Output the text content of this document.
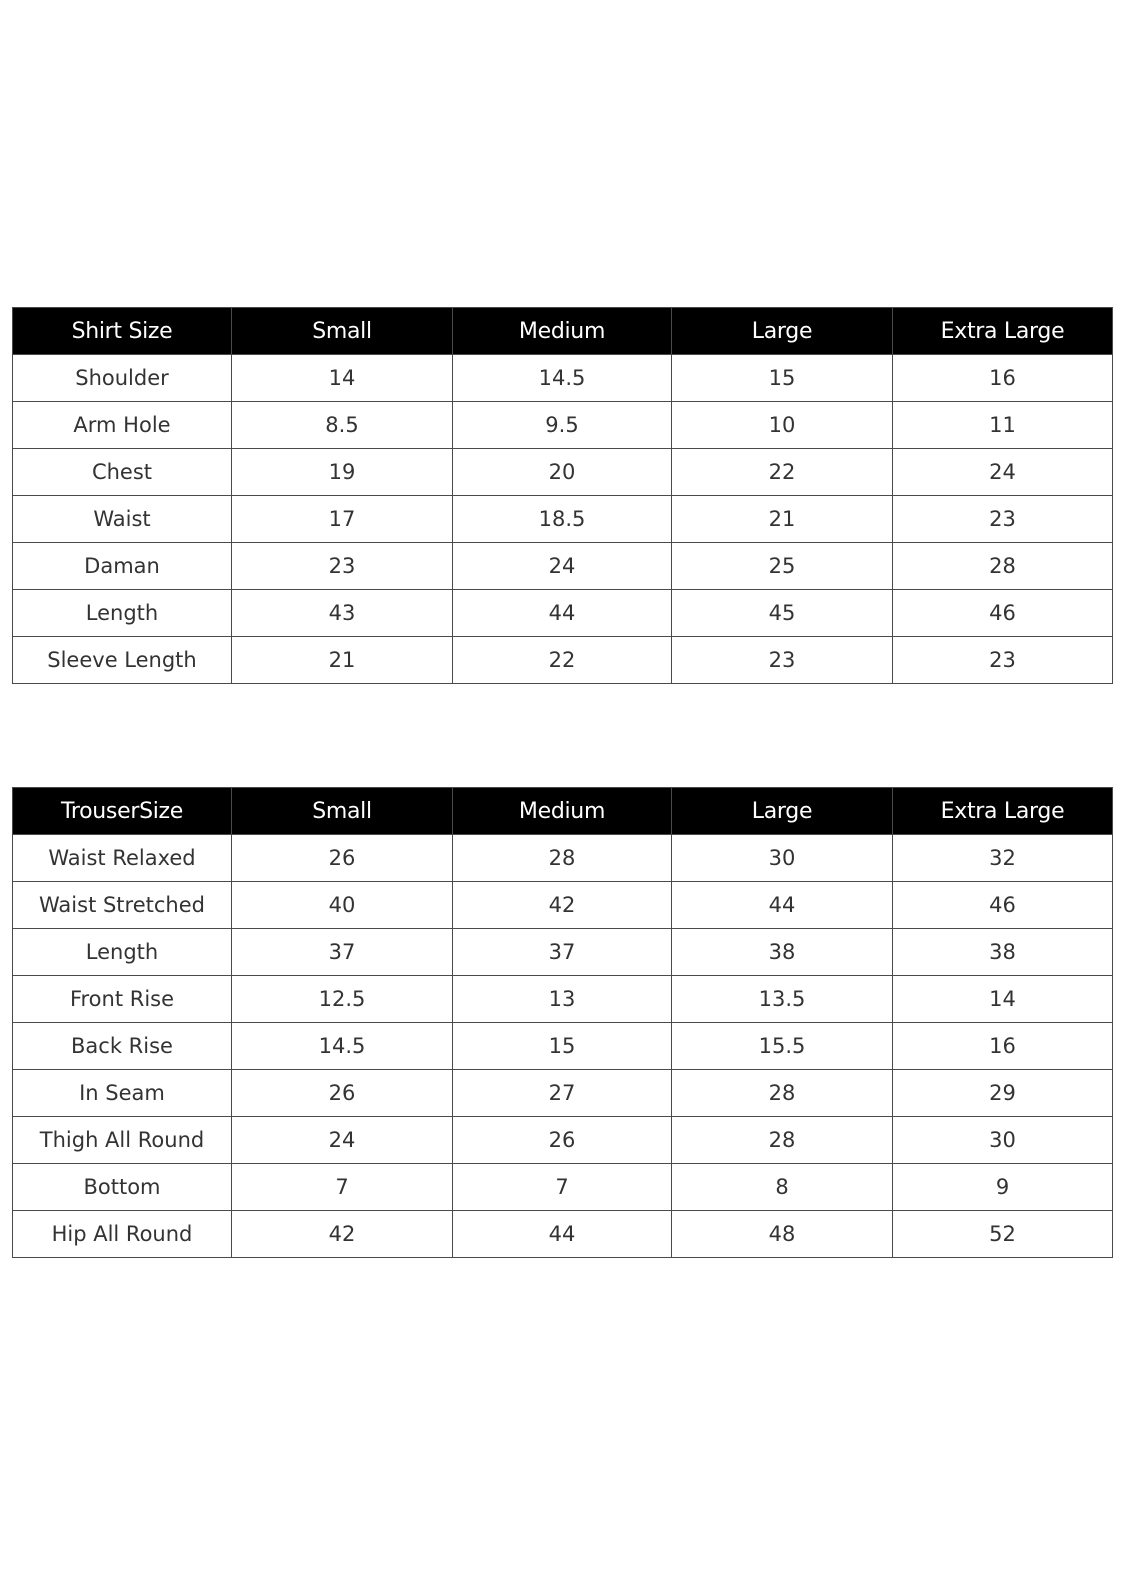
Shirt Size	Small	Medium	Large	Extra Large
Shoulder	14	14.5	15	16
Arm Hole	8.5	9.5	10	11
Chest	19	20	22	24
Waist	17	18.5	21	23
Daman	23	24	25	28
Length	43	44	45	46
Sleeve Length	21	22	23	23
TrouserSize	Small	Medium	Large	Extra Large
Waist Relaxed	26	28	30	32
Waist Stretched	40	42	44	46
Length	37	37	38	38
Front Rise	12.5	13	13.5	14
Back Rise	14.5	15	15.5	16
In Seam	26	27	28	29
Thigh All Round	24	26	28	30
Bottom	7	7	8	9
Hip All Round	42	44	48	52
